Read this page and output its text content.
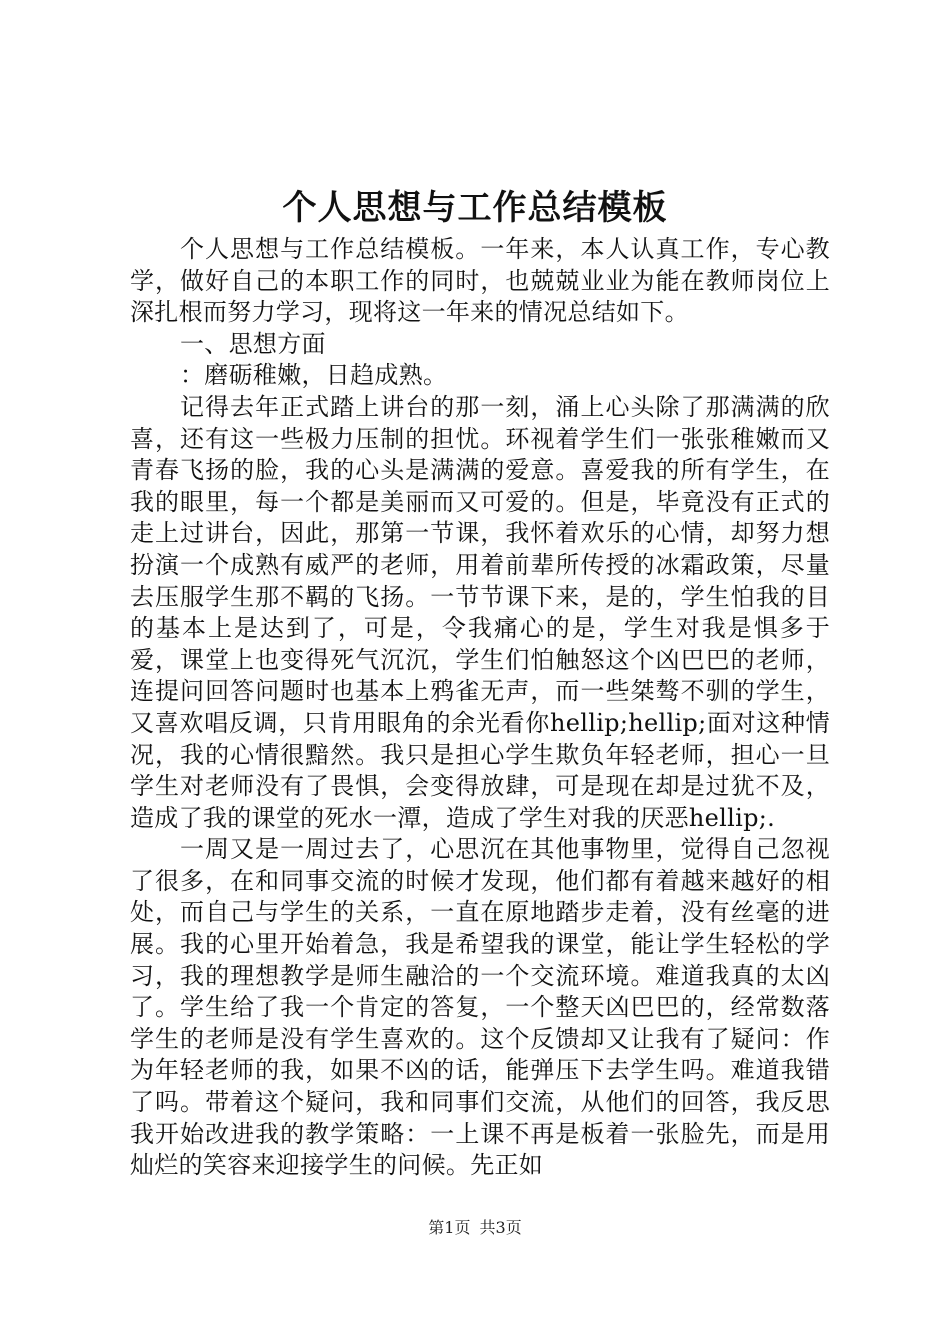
个人思想与工作总结模板

个人思想与工作总结模板。一年来，本人认真工作，专心教学，做好自己的本职工作的同时，也兢兢业业为能在教师岗位上深扎根而努力学习，现将这一年来的情况总结如下。

一、思想方面

：磨砺稚嫩，日趋成熟。

记得去年正式踏上讲台的那一刻，涌上心头除了那满满的欣喜，还有这一些极力压制的担忧。环视着学生们一张张稚嫩而又青春飞扬的脸，我的心头是满满的爱意。喜爱我的所有学生，在我的眼里，每一个都是美丽而又可爱的。但是，毕竟没有正式的走上过讲台，因此，那第一节课，我怀着欢乐的心情，却努力想扮演一个成熟有威严的老师，用着前辈所传授的冰霜政策，尽量去压服学生那不羁的飞扬。一节节课下来，是的，学生怕我的目的基本上是达到了，可是，令我痛心的是，学生对我是惧多于爱，课堂上也变得死气沉沉，学生们怕触怒这个凶巴巴的老师，连提问回答问题时也基本上鸦雀无声，而一些桀骜不驯的学生，又喜欢唱反调，只肯用眼角的余光看你hellip;hellip;面对这种情况，我的心情很黯然。我只是担心学生欺负年轻老师，担心一旦学生对老师没有了畏惧，会变得放肆，可是现在却是过犹不及，造成了我的课堂的死水一潭，造成了学生对我的厌恶hellip;.

一周又是一周过去了，心思沉在其他事物里，觉得自己忽视了很多，在和同事交流的时候才发现，他们都有着越来越好的相处，而自己与学生的关系，一直在原地踏步走着，没有丝毫的进展。我的心里开始着急，我是希望我的课堂，能让学生轻松的学习，我的理想教学是师生融洽的一个交流环境。难道我真的太凶了。学生给了我一个肯定的答复，一个整天凶巴巴的，经常数落学生的老师是没有学生喜欢的。这个反馈却又让我有了疑问：作为年轻老师的我，如果不凶的话，能弹压下去学生吗。难道我错了吗。带着这个疑问，我和同事们交流，从他们的回答，我反思我开始改进我的教学策略：一上课不再是板着一张脸先，而是用灿烂的笑容来迎接学生的问候。先正如

第1页 共3页
